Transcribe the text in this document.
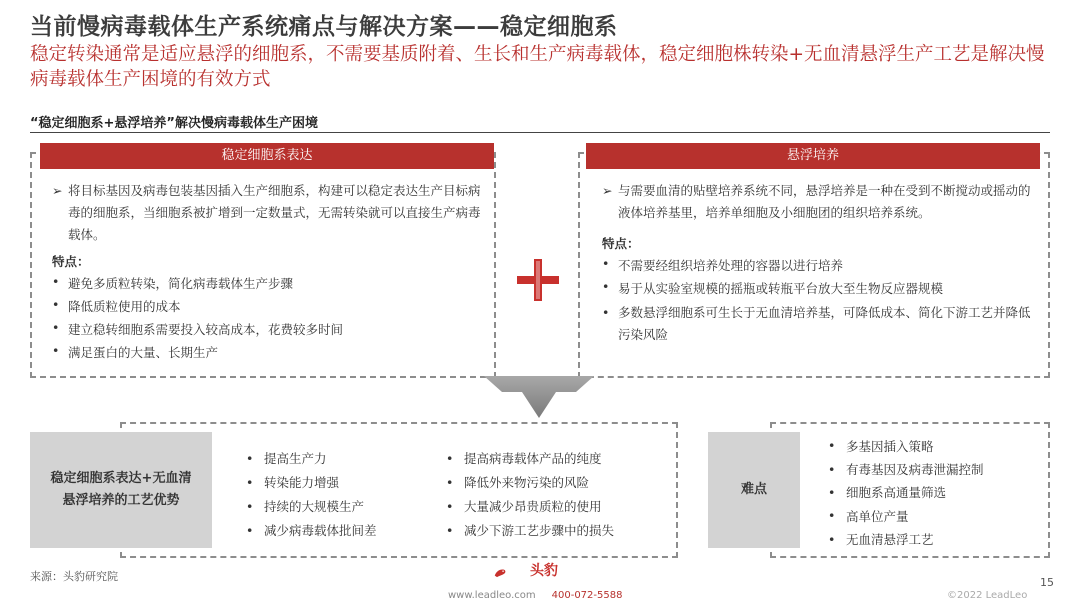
当前慢病毒载体生产系统痛点与解决方案——稳定细胞系
稳定转染通常是适应悬浮的细胞系，不需要基质附着、生长和生产病毒载体，稳定细胞株转染+无血清悬浮生产工艺是解决慢病毒载体生产困境的有效方式
“稳定细胞系+悬浮培养”解决慢病毒载体生产困境
稳定细胞系表达
➢ 将目标基因及病毒包装基因插入生产细胞系，构建可以稳定表达生产目标病毒的细胞系，当细胞系被扩增到一定数量式，无需转染就可以直接生产病毒载体。
特点：
• 避免多质粒转染，简化病毒载体生产步骤
• 降低质粒使用的成本
• 建立稳转细胞系需要投入较高成本，花费较多时间
• 满足蛋白的大量、长期生产
悬浮培养
➢ 与需要血清的贴壁培养系统不同，悬浮培养是一种在受到不断搅动或摇动的液体培养基里，培养单细胞及小细胞团的组织培养系统。
特点：
• 不需要经组织培养处理的容器以进行培养
• 易于从实验室规模的摇瓶或转瓶平台放大至生物反应器规模
• 多数悬浮细胞系可生长于无血清培养基，可降低成本、简化下游工艺并降低污染风险
稳定细胞系表达+无血清悬浮培养的工艺优势
• 提高生产力
• 转染能力增强
• 持续的大规模生产
• 减少病毒载体批间差
• 提高病毒载体产品的纯度
• 降低外来物污染的风险
• 大量减少昂贵质粒的使用
• 减少下游工艺步骤中的损失
难点
• 多基因插入策略
• 有毒基因及病毒泄漏控制
• 细胞系高通量筛选
• 高单位产量
• 无血清悬浮工艺
来源：头豹研究院	头豹
www.leadleo.com 400-072-5588	©2022 LeadLeo
15
